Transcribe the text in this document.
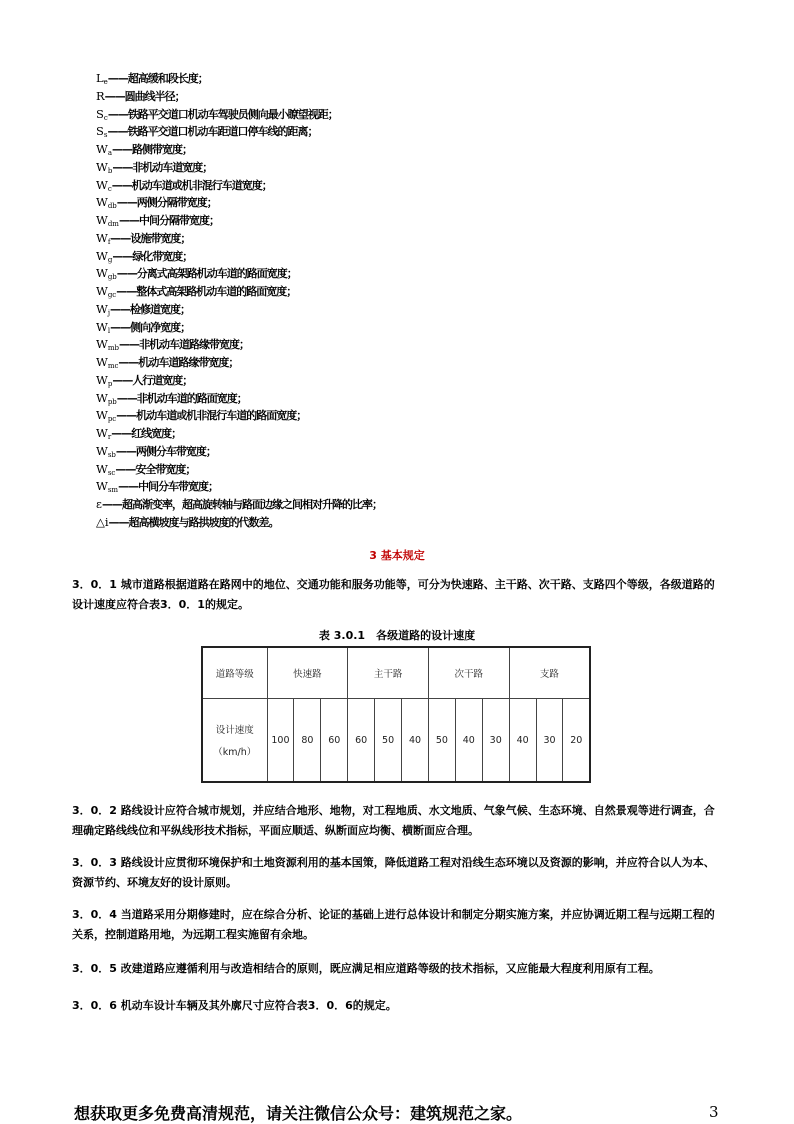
$L_e——$超高缓和段长度；
R——圆曲线半径；
$S_c——$铁路平交道口机动车驾驶员侧向最小瞭望视距；
$S_s——$铁路平交道口机动车距道口停车线的距离；
$W_a——$路侧带宽度；
$W_b——$非机动车道宽度；
$W_c——$机动车道或机非混行车道宽度；
$W_{db}——$两侧分隔带宽度；
$W_{dm}——$中间分隔带宽度；
$W_f——$设施带宽度；
$W_g——$绿化带宽度；
$W_{gb}——$分离式高架路机动车道的路面宽度；
$W_{gc}——$整体式高架路机动车道的路面宽度；
$W_j——$检修道宽度；
$W_l——$侧向净宽度；
$W_{mb}——$非机动车道路缘带宽度；
$W_{mc}——$机动车道路缘带宽度；
$W_p——$人行道宽度；
$W_{pb}——$非机动车道的路面宽度；
$W_{pc}——$机动车道或机非混行车道的路面宽度；
$W_r——$红线宽度；
$W_{sb}——$两侧分车带宽度；
$W_{sc}——$安全带宽度；
$W_{sm}——$中间分车带宽度；
ε——超高渐变率，超高旋转轴与路面边缘之间相对升降的比率；
△i——超高横坡度与路拱坡度的代数差。
3 基本规定

3．0．1 城市道路根据道路在路网中的地位、交通功能和服务功能等，可分为快速路、主干路、次干路、支路四个等级，各级道路的设计速度应符合表3．0．1的规定。

表 3.0.1　各级道路的设计速度
道路等级	快速路			主干路			次干路			支路		

设计速度
（km/h）	100	80	60	60	50	40	50	40	30	40	30	20

3．0．2 路线设计应符合城市规划，并应结合地形、地物，对工程地质、水文地质、气象气候、生态环境、自然景观等进行调查，合理确定路线线位和平纵线形技术指标，平面应顺适、纵断面应均衡、横断面应合理。

3．0．3 路线设计应贯彻环境保护和土地资源利用的基本国策，降低道路工程对沿线生态环境以及资源的影响，并应符合以人为本、资源节约、环境友好的设计原则。

3．0．4 当道路采用分期修建时，应在综合分析、论证的基础上进行总体设计和制定分期实施方案，并应协调近期工程与远期工程的关系，控制道路用地，为远期工程实施留有余地。

3．0．5 改建道路应遵循利用与改造相结合的原则，既应满足相应道路等级的技术指标，又应能最大程度利用原有工程。

3．0．6 机动车设计车辆及其外廓尺寸应符合表3．0．6的规定。

想获取更多免费高清规范，请关注微信公众号：建筑规范之家。	3
